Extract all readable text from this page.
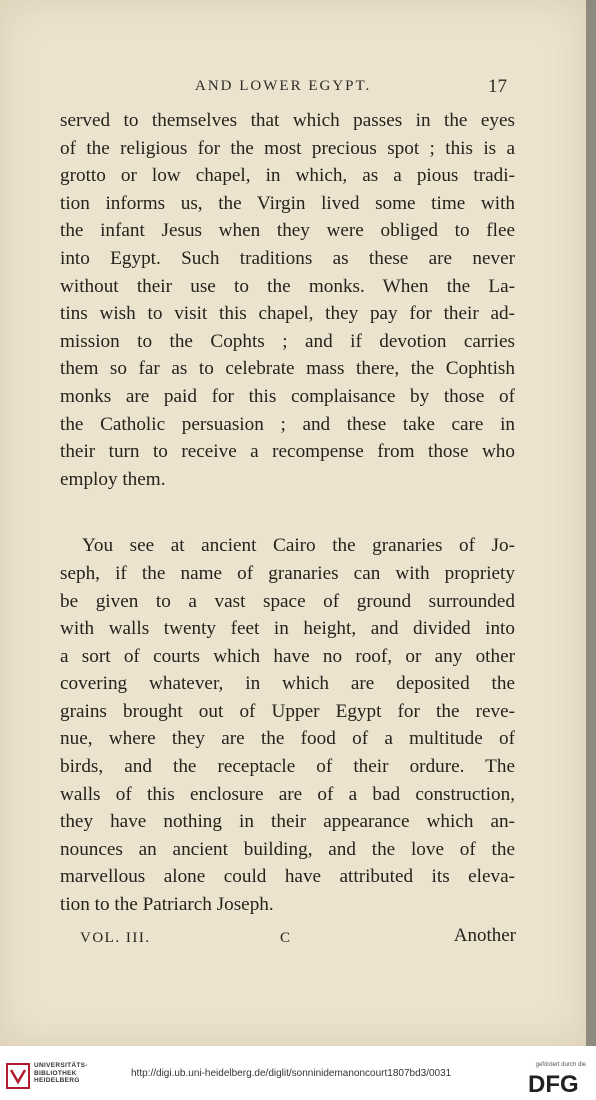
AND LOWER EGYPT.	17
served to themselves that which passes in the eyes
of the religious for the most precious spot ; this is a
grotto or low chapel, in which, as a pious tradi-
tion informs us, the Virgin lived some time with
the infant Jesus when they were obliged to flee
into Egypt. Such traditions as these are never
without their use to the monks. When the La-
tins wish to visit this chapel, they pay for their ad-
mission to the Cophts ; and if devotion carries
them so far as to celebrate mass there, the Cophtish
monks are paid for this complaisance by those of
the Catholic persuasion ; and these take care in
their turn to receive a recompense from those who
employ them.
You see at ancient Cairo the granaries of Jo-
seph, if the name of granaries can with propriety
be given to a vast space of ground surrounded
with walls twenty feet in height, and divided into
a sort of courts which have no roof, or any other
covering whatever, in which are deposited the
grains brought out of Upper Egypt for the reve-
nue, where they are the food of a multitude of
birds, and the receptacle of their ordure. The
walls of this enclosure are of a bad construction,
they have nothing in their appearance which an-
nounces an ancient building, and the love of the
marvellous alone could have attributed its eleva-
tion to the Patriarch Joseph.
VOL. III.	C	Another
UNIVERSITÄTS-
BIBLIOTHEK
HEIDELBERG
http://digi.ub.uni-heidelberg.de/diglit/sonninidemanoncourt1807bd3/0031
gefördert durch die
DFG
